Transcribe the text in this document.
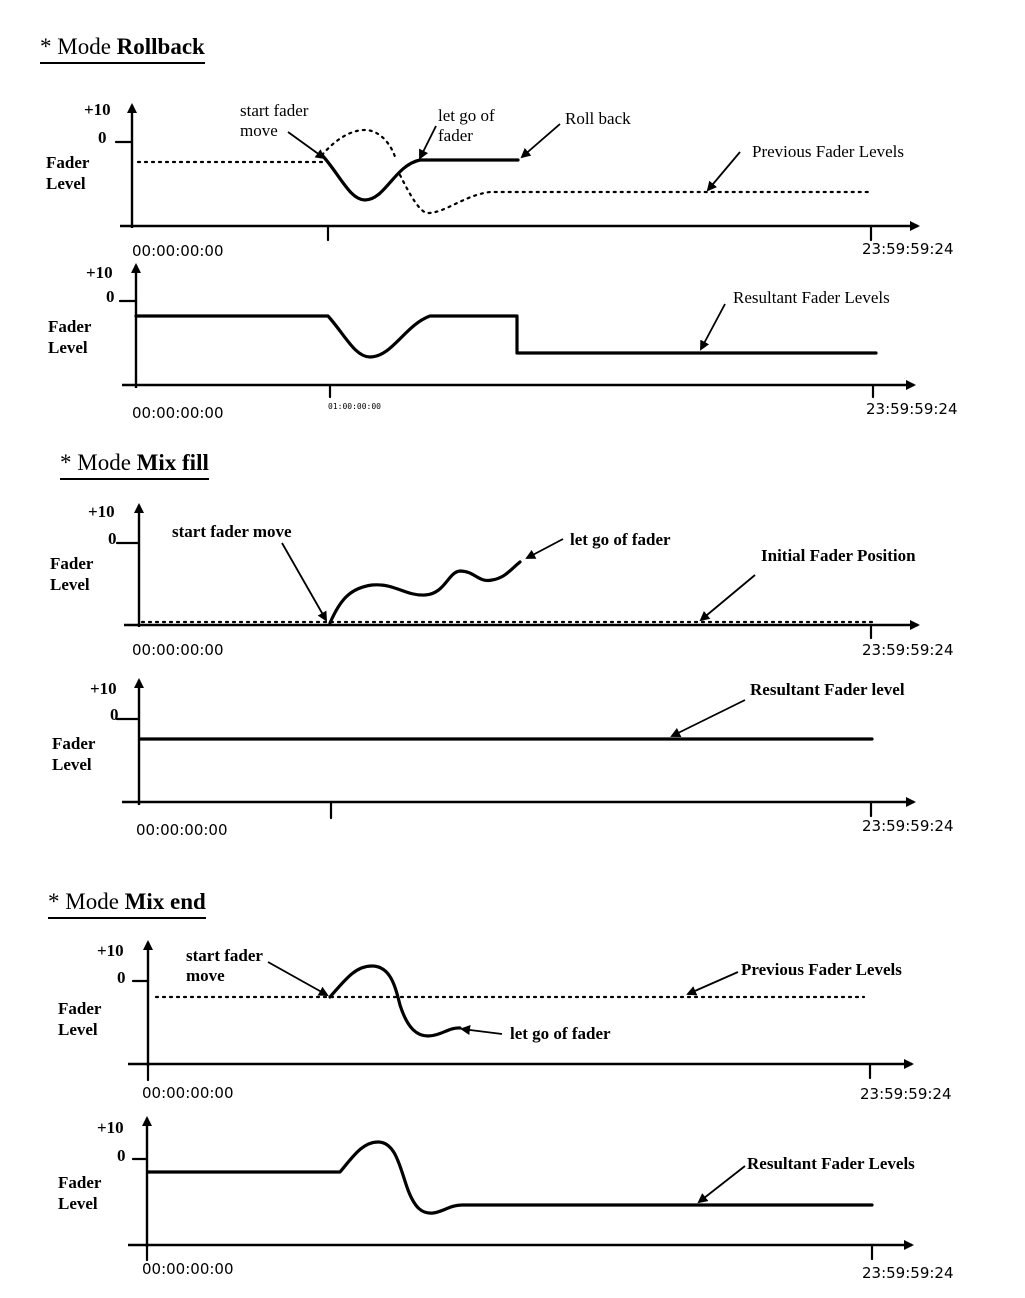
* Mode Rollback
+10
0
Fader
Level
start fader
move
let go of
fader
Roll back
Previous Fader Levels
00:00:00:00	23:59:59:24
+10
0
Fader
Level
Resultant Fader Levels
01:00:00:00
00:00:00:00	23:59:59:24
* Mode Mix fill
+10
0
Fader
Level
start fader move	let go of fader
Initial Fader Position
00:00:00:00	23:59:59:24
+10
0
Fader
Level
Resultant Fader level
00:00:00:00	23:59:59:24
* Mode Mix end
+10
0
Fader
Level
start fader
move
let go of fader
Previous Fader Levels
00:00:00:00	23:59:59:24
+10
0
Fader
Level
Resultant Fader Levels
00:00:00:00	23:59:59:24
